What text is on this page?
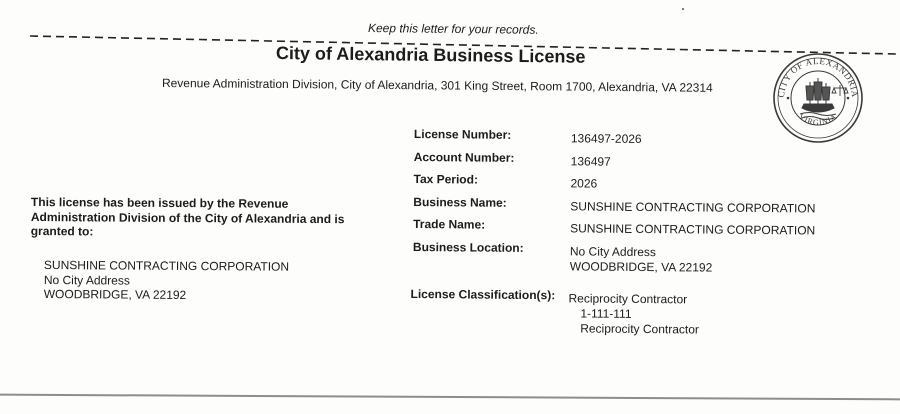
Keep this letter for your records.
City of Alexandria Business License
Revenue Administration Division, City of Alexandria, 301 King Street, Room 1700, Alexandria, VA 22314	CITY OF ALEXANDRIA
VIRGINIA
License Number:	136497-2026
Account Number:	136497
Tax Period:	2026
Business Name:	SUNSHINE CONTRACTING CORPORATION
Trade Name:	SUNSHINE CONTRACTING CORPORATION
Business Location:	No City Address
WOODBRIDGE, VA 22192
License Classification(s): Reciprocity Contractor
1-111-111
Reciprocity Contractor
This license has been issued by the Revenue Administration Division of the City of Alexandria and is granted to:
SUNSHINE CONTRACTING CORPORATION
No City Address
WOODBRIDGE, VA 22192
